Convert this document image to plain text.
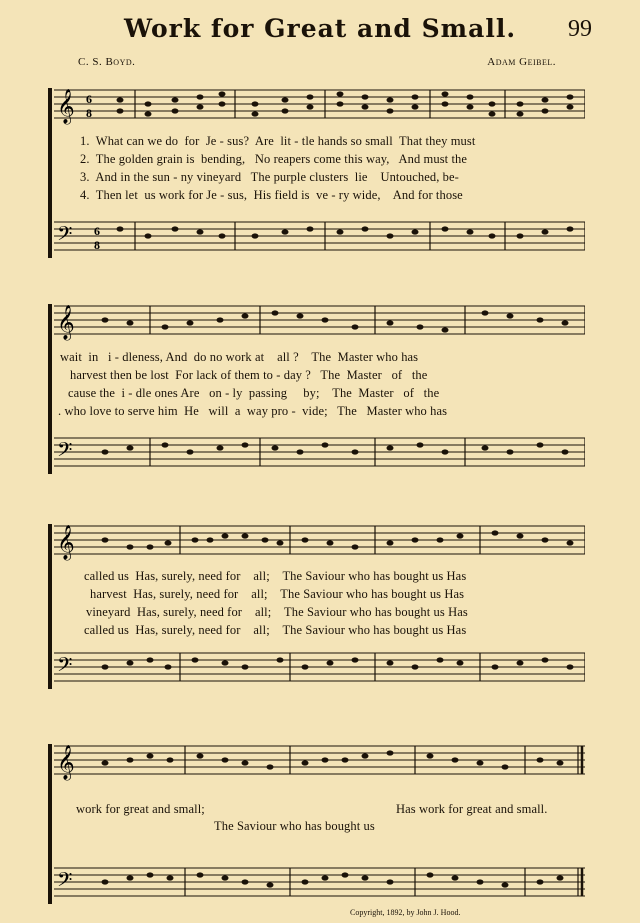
Work for Great and Small.	99
C. S. Boyd.	Adam Geibel.
𝄞
𝄢
6
8
6
8
1.  What can we do  for  Je - sus?  Are  lit - tle hands so small  That they must
2.  The golden grain is  bending,   No reapers come this way,   And must the
3.  And in the sun - ny vineyard   The purple clusters  lie    Untouched, be-
4.  Then let  us work for Je - sus,  His field is  ve - ry wide,    And for those
𝄞
𝄢
wait  in   i - dleness, And  do no work at    all ?    The  Master who has
harvest then be lost  For lack of them to - day ?   The  Master   of   the
cause the  i - dle ones Are   on - ly  passing     by;    The  Master   of   the
. who love to serve him  He   will  a  way pro -  vide;   The   Master who has
𝄞
𝄢
called us  Has, surely, need for    all;    The Saviour who has bought us Has
harvest  Has, surely, need for    all;    The Saviour who has bought us Has
vineyard  Has, surely, need for    all;    The Saviour who has bought us Has
called us  Has, surely, need for    all;    The Saviour who has bought us Has
𝄞
𝄢
work for great and small;	Has work for great and small.
The Saviour who has bought us
Copyright, 1892, by John J. Hood.
